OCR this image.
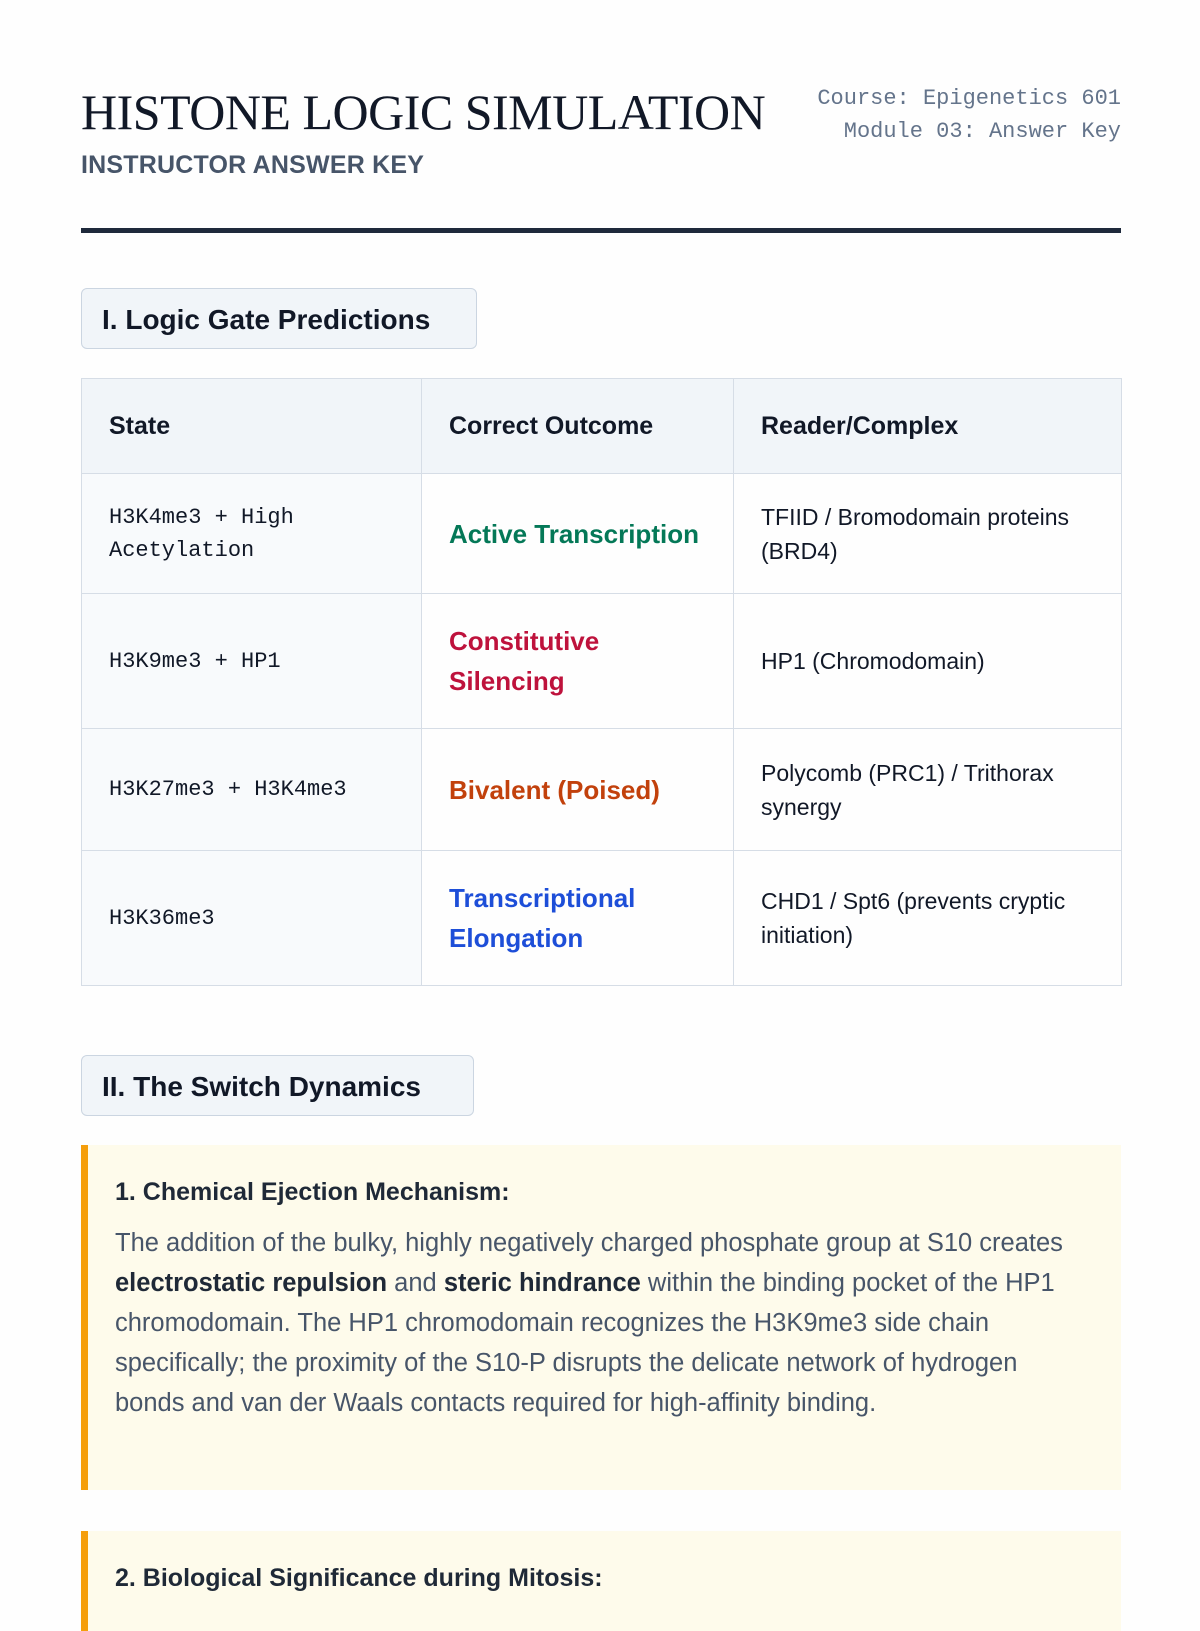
HISTONE LOGIC SIMULATION
INSTRUCTOR ANSWER KEY
Course: Epigenetics 601
Module 03: Answer Key
I. Logic Gate Predictions
State	Correct Outcome	Reader/Complex
H3K4me3 + High Acetylation	Active Transcription	TFIID / Bromodomain proteins (BRD4)
H3K9me3 + HP1	Constitutive Silencing	HP1 (Chromodomain)
H3K27me3 + H3K4me3	Bivalent (Poised)	Polycomb (PRC1) / Trithorax synergy
H3K36me3	Transcriptional Elongation	CHD1 / Spt6 (prevents cryptic initiation)
II. The Switch Dynamics
1. Chemical Ejection Mechanism:

The addition of the bulky, highly negatively charged phosphate group at S10 creates electrostatic repulsion and steric hindrance within the binding pocket of the HP1 chromodomain. The HP1 chromodomain recognizes the H3K9me3 side chain specifically; the proximity of the S10-P disrupts the delicate network of hydrogen bonds and van der Waals contacts required for high-affinity binding.

2. Biological Significance during Mitosis:
